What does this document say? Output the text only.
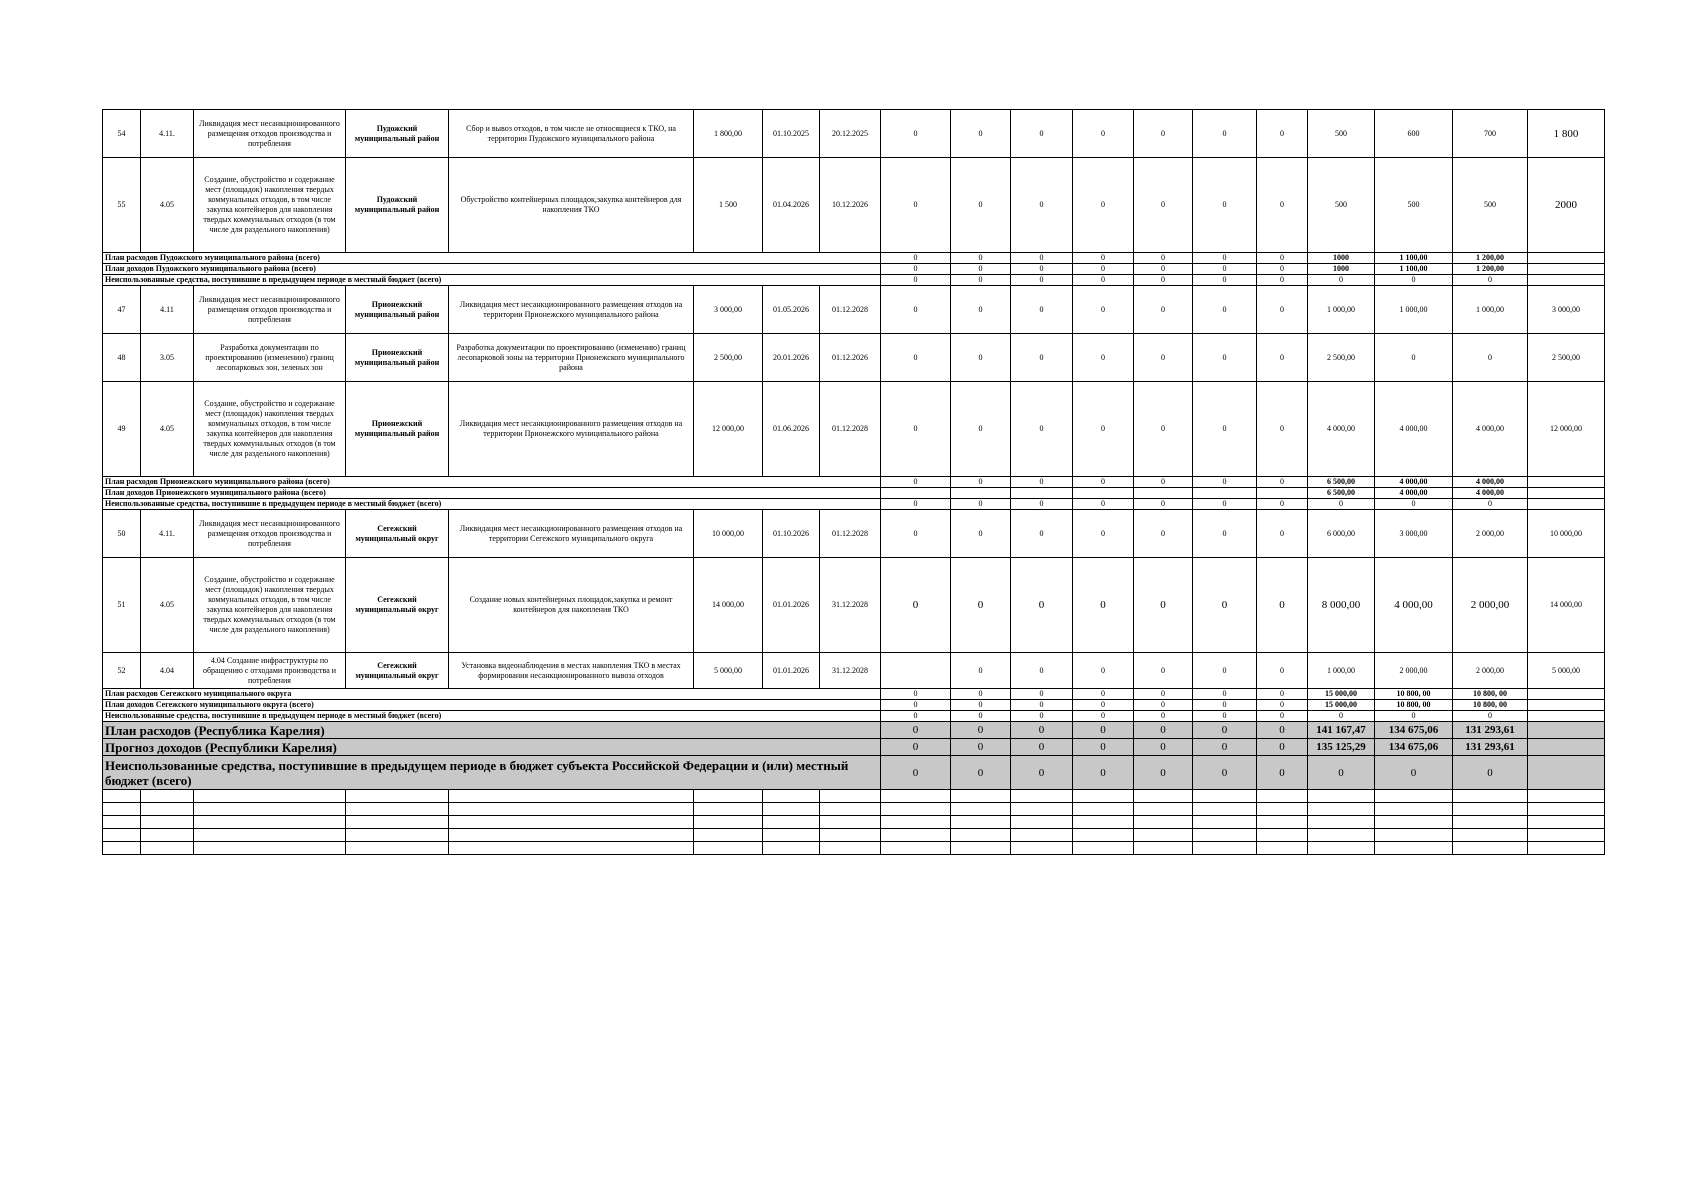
54	4.11.	Ликвидация мест несанкционированного размещения отходов производства и потребления	Пудожский муниципальный район	Сбор и вывоз отходов, в том числе не относящиеся к ТКО, на территории Пудожского муниципального района	1 800,00	01.10.2025	20.12.2025	0	0	0	0	0	0	0	500	600	700	1 800
55	4.05	Создание, обустройство и содержание мест (площадок) накопления твердых коммунальных отходов, в том числе закупка контейнеров для накопления твердых коммунальных отходов (в том числе для раздельного накопления)	Пудожский муниципальный район	Обустройство контейнерных площадок,закупка контейнеров для накопления ТКО	1 500	01.04.2026	10.12.2026	0	0	0	0	0	0	0	500	500	500	2000
План расходов Пудожского муниципального района (всего)								0	0	0	0	0	0	0	1000	1 100,00	1 200,00	
План доходов Пудожского муниципального района (всего)								0	0	0	0	0	0	0	1000	1 100,00	1 200,00	
Неиспользованные средства, поступившие в предыдущем периоде в местный бюджет (всего)								0	0	0	0	0	0	0	0	0	0	
47	4.11	Ликвидация мест несанкционированного размещения отходов производства и потребления	Прионежский муниципальный район	Ликвидация мест несанкционированного размещения отходов на территории Прионежского муниципального района	3 000,00	01.05.2026	01.12.2028	0	0	0	0	0	0	0	1 000,00	1 000,00	1 000,00	3 000,00
48	3.05	Разработка документации по проектированию (изменению) границ лесопарковых зон, зеленых зон	Прионежский муниципальный район	Разработка документации по проектированию (изменению) границ лесопарковой зоны на территории Прионежского муниципального района	2 500,00	20.01.2026	01.12.2026	0	0	0	0	0	0	0	2 500,00	0	0	2 500,00
49	4.05	Создание, обустройство и содержание мест (площадок) накопления твердых коммунальных отходов, в том числе закупка контейнеров для накопления твердых коммунальных отходов (в том числе для раздельного накопления)	Прионежский муниципальный район	Ликвидация мест несанкционированного размещения отходов на территории Прионежского муниципального района	12 000,00	01.06.2026	01.12.2028	0	0	0	0	0	0	0	4 000,00	4 000,00	4 000,00	12 000,00
План расходов Прионежского муниципального района (всего)								0	0	0	0	0	0	0	6 500,00	4 000,00	4 000,00	
План доходов Прионежского муниципального района (всего)															6 500,00	4 000,00	4 000,00	
Неиспользованные средства, поступившие в предыдущем периоде в местный бюджет (всего)								0	0	0	0	0	0	0	0	0	0	
50	4.11.	Ликвидация мест несанкционированного размещения отходов производства и потребления	Сегежский муниципальный округ	Ликвидация мест несанкционированного размещения отходов на территории Сегежского муниципального округа	10 000,00	01.10.2026	01.12.2028	0	0	0	0	0	0	0	6 000,00	3 000,00	2 000,00	10 000,00
51	4.05	Создание, обустройство и содержание мест (площадок) накопления твердых коммунальных отходов, в том числе закупка контейнеров для накопления твердых коммунальных отходов (в том числе для раздельного накопления)	Сегежский муниципальный округ	Создание новых контейнерных площадок,закупка и ремонт контейнеров для накопления ТКО	14 000,00	01.01.2026	31.12.2028	0	0	0	0	0	0	0	8 000,00	4 000,00	2 000,00	14 000,00
52	4.04	4.04 Создание инфраструктуры по обращению с отходами производства и потребления	Сегежский муниципальный округ	Установка видеонаблюдения в местах накопления ТКО в местах формирования несанкционированного вывоза отходов	5 000,00	01.01.2026	31.12.2028		0	0	0	0	0	0	1 000,00	2 000,00	2 000,00	5 000,00
План расходов Сегежского муниципального округа								0	0	0	0	0	0	0	15 000,00	10 800, 00	10 800, 00	
План доходов Сегежского муниципального округа (всего)								0	0	0	0	0	0	0	15 000,00	10 800, 00	10 800, 00	
Неиспользованные средства, поступившие в предыдущем периоде в местный бюджет (всего)								0	0	0	0	0	0	0	0	0	0	
План расходов (Республика Карелия)								0	0	0	0	0	0	0	141 167,47	134 675,06	131 293,61	
Прогноз доходов (Республики Карелия)								0	0	0	0	0	0	0	135 125,29	134 675,06	131 293,61	
Неиспользованные средства, поступившие в предыдущем периоде в бюджет субъекта Российской Федерации и (или) местный бюджет (всего)								0	0	0	0	0	0	0	0	0	0	
